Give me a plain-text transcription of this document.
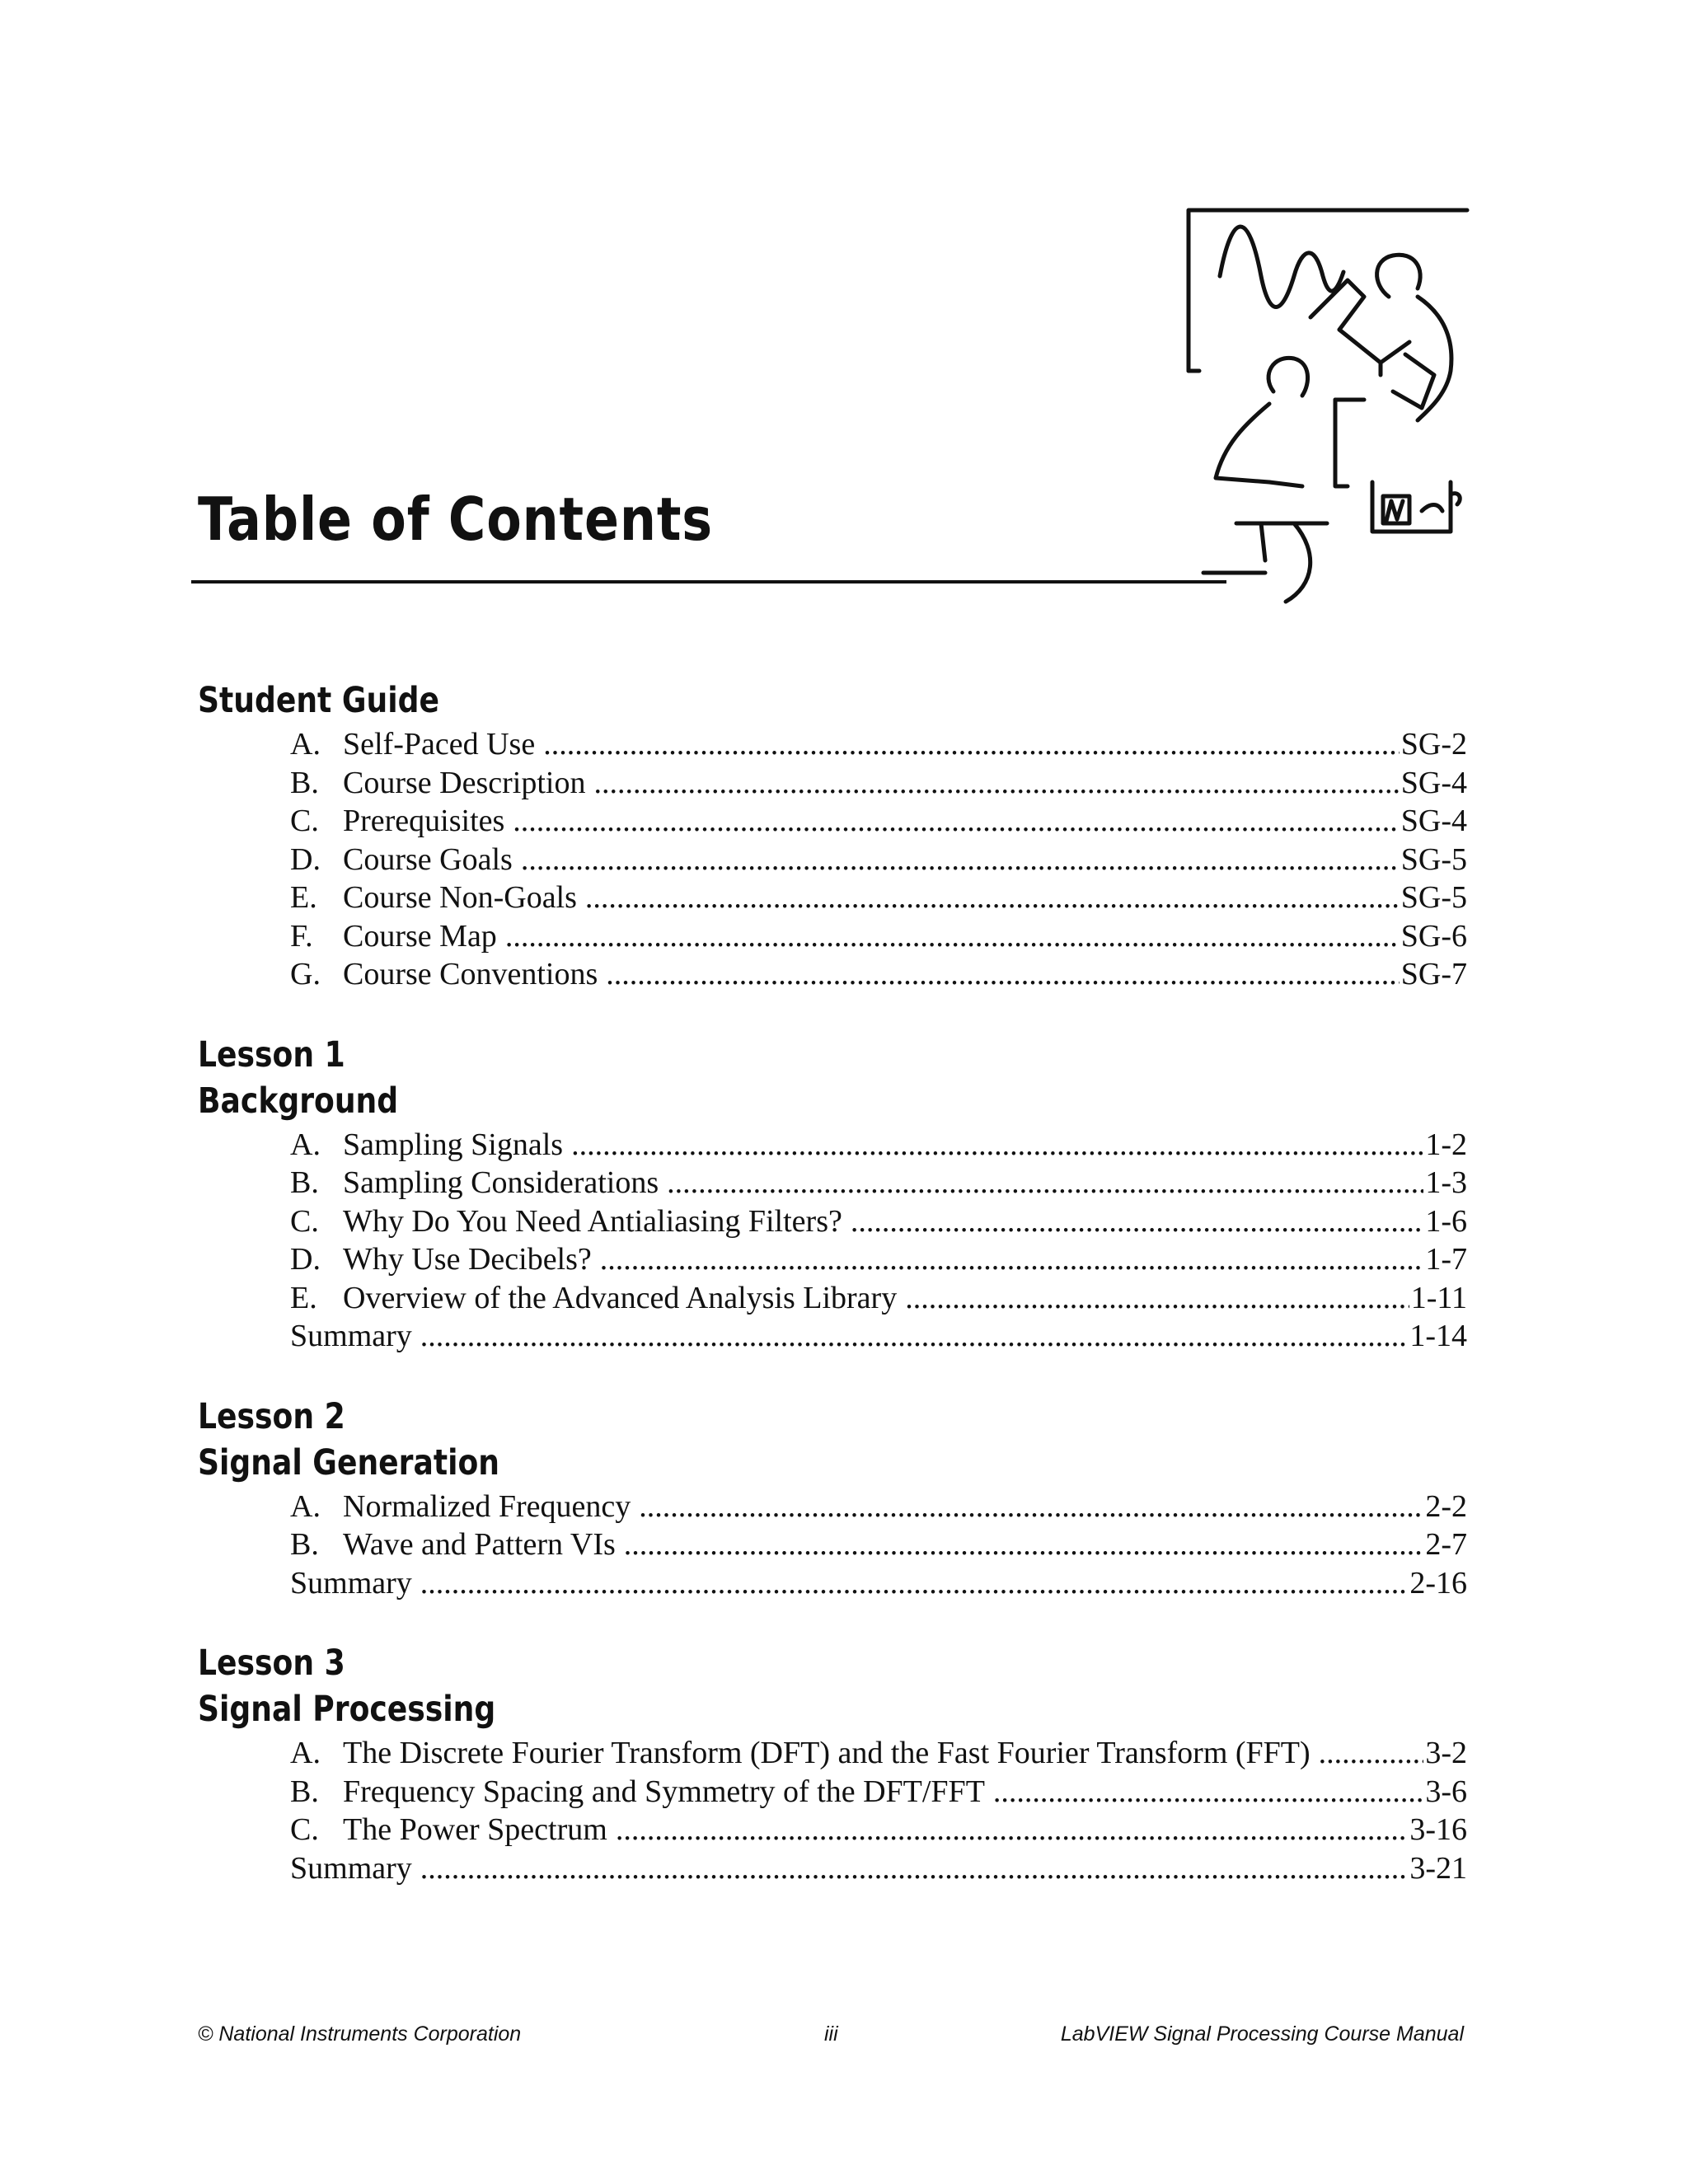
Table of Contents
Student Guide
A. Self-Paced Use .....	SG-2
B. Course Description .....	SG-4
C. Prerequisites .....	SG-4
D. Course Goals .....	SG-5
E. Course Non-Goals .....	SG-5
F. Course Map .....	SG-6
G. Course Conventions .....	SG-7
Lesson 1
Background
A. Sampling Signals .....	1-2
B. Sampling Considerations .....	1-3
C. Why Do You Need Antialiasing Filters? .....	1-6
D. Why Use Decibels? .....	1-7
E. Overview of the Advanced Analysis Library .....	1-11
Summary .....	1-14
Lesson 2
Signal Generation
A. Normalized Frequency .....	2-2
B. Wave and Pattern VIs .....	2-7
Summary .....	2-16
Lesson 3
Signal Processing
A. The Discrete Fourier Transform (DFT) and the Fast Fourier Transform (FFT) .....	3-2
B. Frequency Spacing and Symmetry of the DFT/FFT .....	3-6
C. The Power Spectrum .....	3-16
Summary .....	3-21
© National Instruments Corporation	iii	LabVIEW Signal Processing Course Manual
